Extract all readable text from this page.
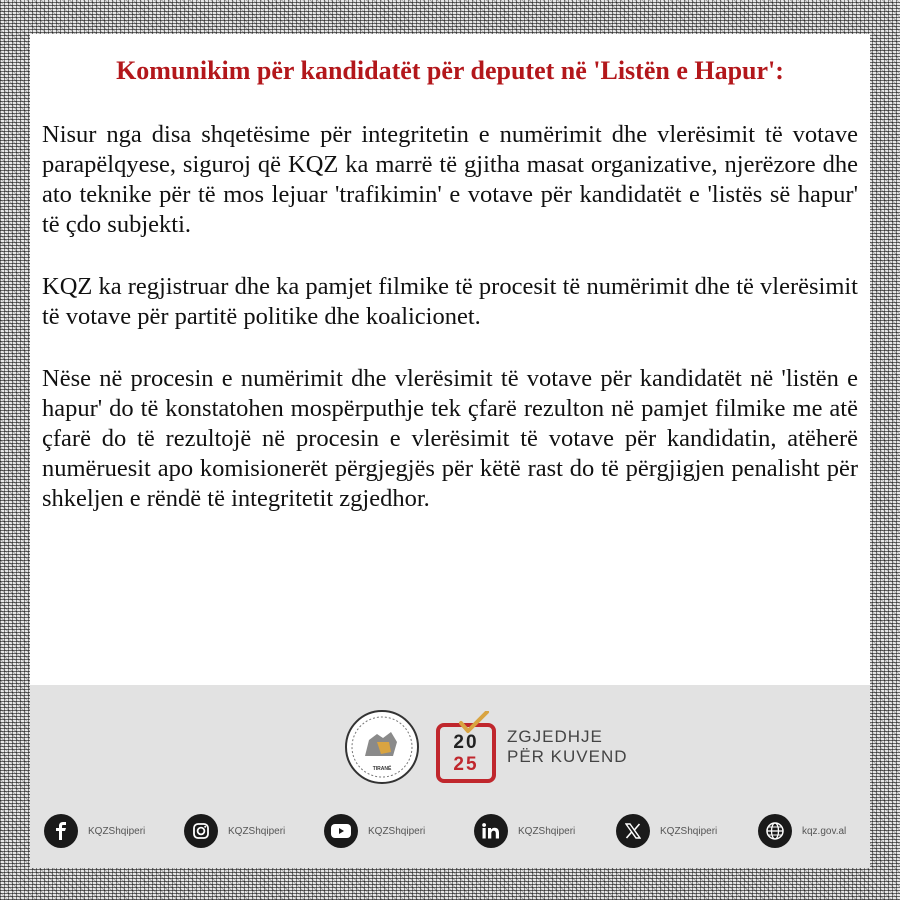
Komunikim për kandidatët për deputet në 'Listën e Hapur':

Nisur nga disa shqetësime për integritetin e numërimit dhe vlerësimit të votave parapëlqyese, siguroj që KQZ ka marrë të gjitha masat organizative, njerëzore dhe ato teknike për të mos lejuar 'trafikimin' e votave për kandidatët e 'listës së hapur' të çdo subjekti.

KQZ ka regjistruar dhe ka pamjet filmike të procesit të numërimit dhe të vlerësimit të votave për partitë politike dhe koalicionet.

Nëse në procesin e numërimit dhe vlerësimit të votave për kandidatët në 'listën e hapur' do të konstatohen mospërputhje tek çfarë rezulton në pamjet filmike me atë çfarë do të rezultojë në procesin e vlerësimit të votave për kandidatin, atëherë numëruesit apo komisionerët përgjegjës për këtë rast do të përgjigjen penalisht për shkeljen e rëndë të integritetit zgjedhor.

TIRANË
20
25
ZGJEDHJE
PËR KUVEND
KQZShqiperi	KQZShqiperi	KQZShqiperi	KQZShqiperi	KQZShqiperi	kqz.gov.al
